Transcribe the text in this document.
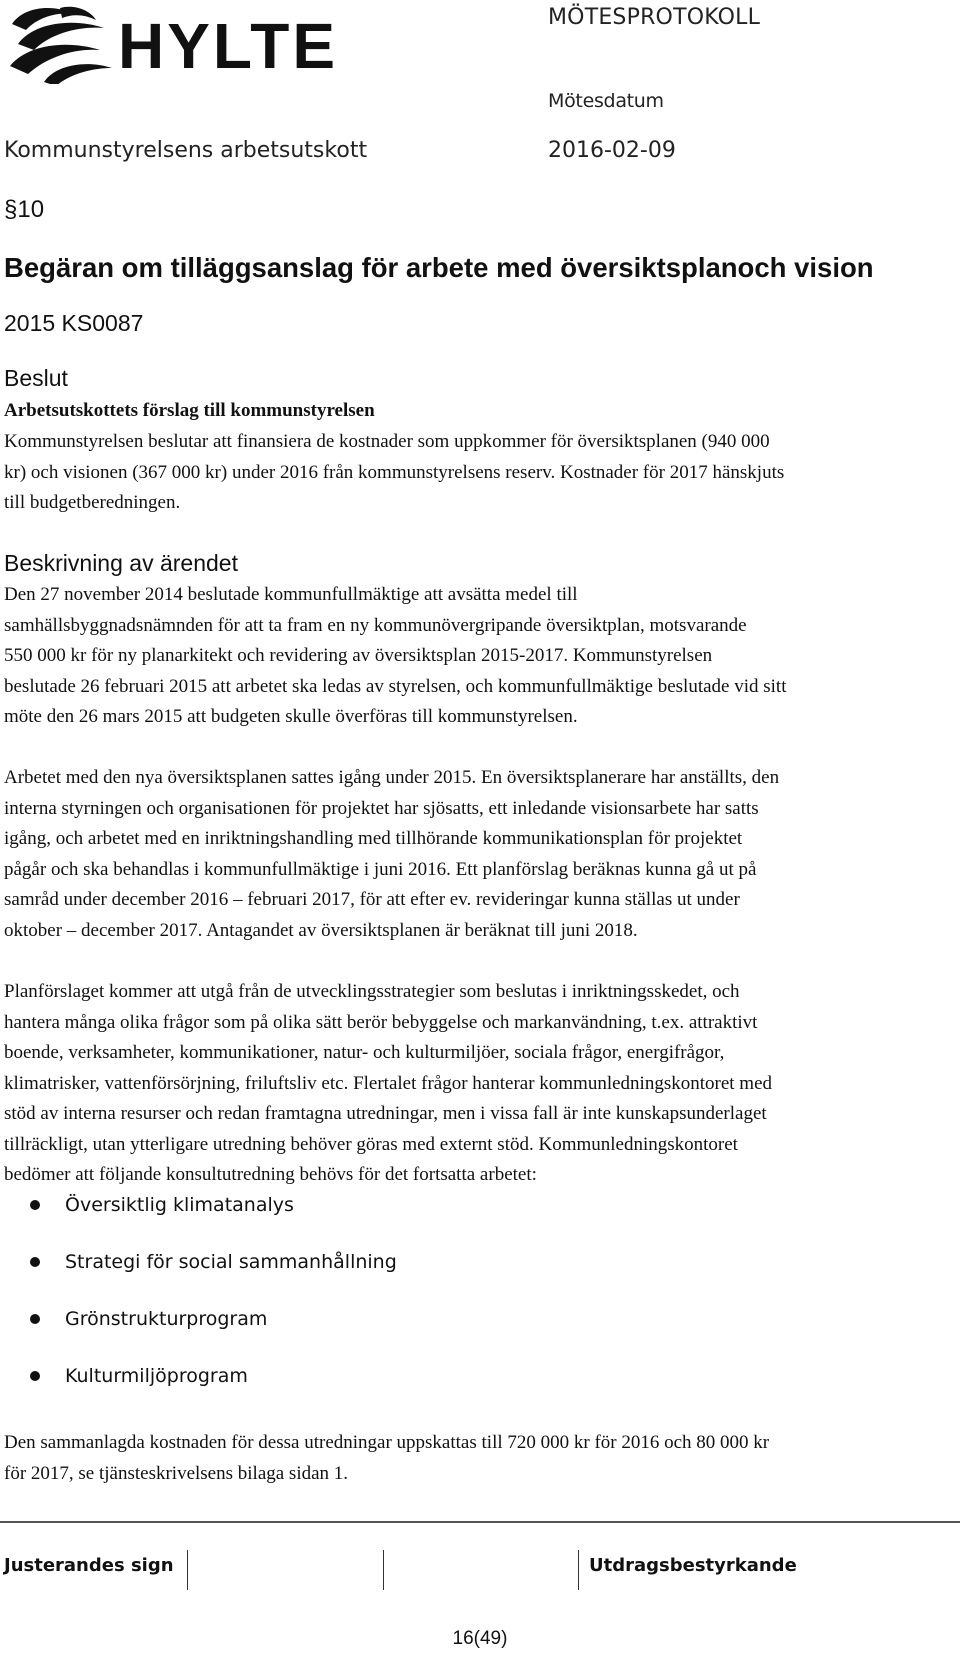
HYLTE	MÖTESPROTOKOLL
Mötesdatum
Kommunstyrelsens arbetsutskott	2016-02-09
§10
Begäran om tilläggsanslag för arbete med översiktsplanoch vision
2015 KS0087
Beslut
Arbetsutskottets förslag till kommunstyrelsen
Kommunstyrelsen beslutar att finansiera de kostnader som uppkommer för översiktsplanen (940 000
kr) och visionen (367 000 kr) under 2016 från kommunstyrelsens reserv. Kostnader för 2017 hänskjuts
till budgetberedningen.
Beskrivning av ärendet
Den 27 november 2014 beslutade kommunfullmäktige att avsätta medel till
samhällsbyggnadsnämnden för att ta fram en ny kommunövergripande översiktplan, motsvarande
550 000 kr för ny planarkitekt och revidering av översiktsplan 2015-2017. Kommunstyrelsen
beslutade 26 februari 2015 att arbetet ska ledas av styrelsen, och kommunfullmäktige beslutade vid sitt
möte den 26 mars 2015 att budgeten skulle överföras till kommunstyrelsen.
Arbetet med den nya översiktsplanen sattes igång under 2015. En översiktsplanerare har anställts, den
interna styrningen och organisationen för projektet har sjösatts, ett inledande visionsarbete har satts
igång, och arbetet med en inriktningshandling med tillhörande kommunikationsplan för projektet
pågår och ska behandlas i kommunfullmäktige i juni 2016. Ett planförslag beräknas kunna gå ut på
samråd under december 2016 – februari 2017, för att efter ev. revideringar kunna ställas ut under
oktober – december 2017. Antagandet av översiktsplanen är beräknat till juni 2018.
Planförslaget kommer att utgå från de utvecklingsstrategier som beslutas i inriktningsskedet, och
hantera många olika frågor som på olika sätt berör bebyggelse och markanvändning, t.ex. attraktivt
boende, verksamheter, kommunikationer, natur- och kulturmiljöer, sociala frågor, energifrågor,
klimatrisker, vattenförsörjning, friluftsliv etc. Flertalet frågor hanterar kommunledningskontoret med
stöd av interna resurser och redan framtagna utredningar, men i vissa fall är inte kunskapsunderlaget
tillräckligt, utan ytterligare utredning behöver göras med externt stöd. Kommunledningskontoret
bedömer att följande konsultutredning behövs för det fortsatta arbetet:
Översiktlig klimatanalys
Strategi för social sammanhållning
Grönstrukturprogram
Kulturmiljöprogram
Den sammanlagda kostnaden för dessa utredningar uppskattas till 720 000 kr för 2016 och 80 000 kr
för 2017, se tjänsteskrivelsens bilaga sidan 1.
Justerandes sign	Utdragsbestyrkande
16(49)
